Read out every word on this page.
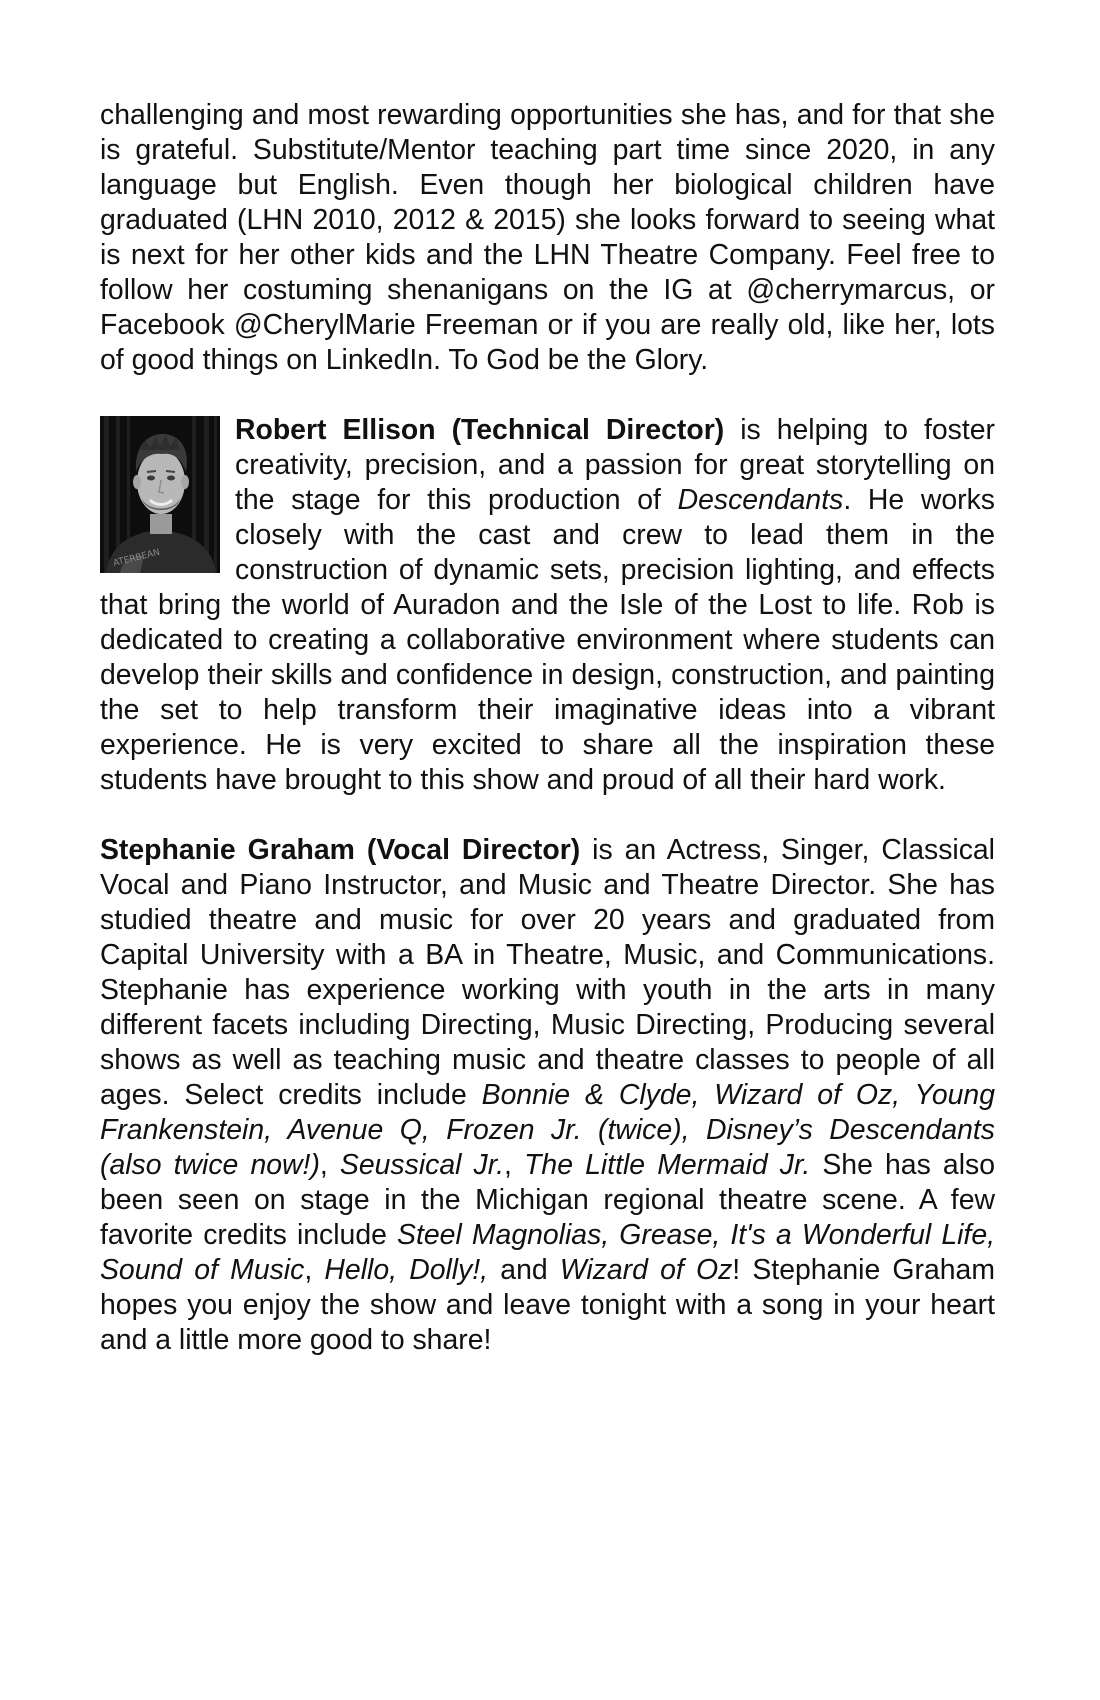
challenging and most rewarding opportunities she has, and for that she is grateful. Substitute/Mentor teaching part time since 2020, in any language but English. Even though her biological children have graduated (LHN 2010, 2012 & 2015) she looks forward to seeing what is next for her other kids and the LHN Theatre Company. Feel free to follow her costuming shenanigans on the IG at @cherrymarcus, or Facebook @CherylMarie Freeman or if you are really old, like her, lots of good things on LinkedIn. To God be the Glory.

ATERBEAN
Robert Ellison (Technical Director) is helping to foster creativity, precision, and a passion for great storytelling on the stage for this production of Descendants. He works closely with the cast and crew to lead them in the construction of dynamic sets, precision lighting, and effects that bring the world of Auradon and the Isle of the Lost to life. Rob is dedicated to creating a collaborative environment where students can develop their skills and confidence in design, construction, and painting the set to help transform their imaginative ideas into a vibrant experience. He is very excited to share all the inspiration these students have brought to this show and proud of all their hard work.

Stephanie Graham (Vocal Director) is an Actress, Singer, Classical Vocal and Piano Instructor, and Music and Theatre Director. She has studied theatre and music for over 20 years and graduated from Capital University with a BA in Theatre, Music, and Communications. Stephanie has experience working with youth in the arts in many different facets including Directing, Music Directing, Producing several shows as well as teaching music and theatre classes to people of all ages. Select credits include Bonnie & Clyde, Wizard of Oz, Young Frankenstein, Avenue Q, Frozen Jr. (twice), Disney’s Descendants (also twice now!), Seussical Jr., The Little Mermaid Jr. She has also been seen on stage in the Michigan regional theatre scene. A few favorite credits include Steel Magnolias, Grease, It's a Wonderful Life, Sound of Music, Hello, Dolly!, and Wizard of Oz! Stephanie Graham hopes you enjoy the show and leave tonight with a song in your heart and a little more good to share!
